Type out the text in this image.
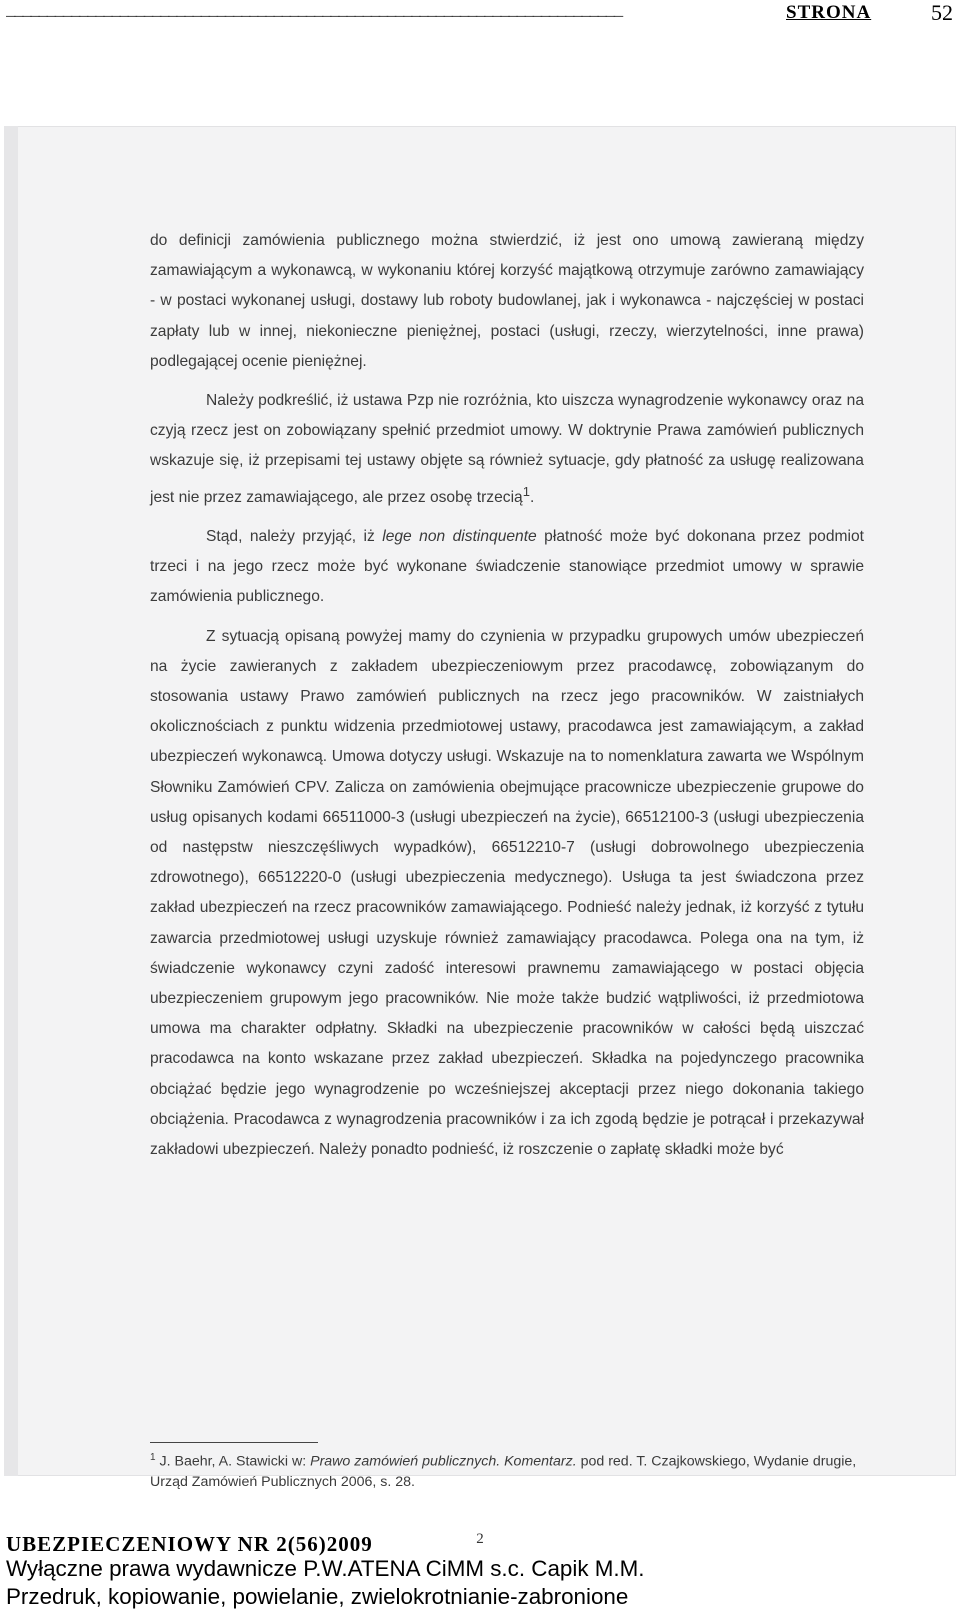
____________________________________________________________________________	STRONA	52

do definicji zamówienia publicznego można stwierdzić, iż jest ono umową zawieraną między zamawiającym a wykonawcą, w wykonaniu której korzyść majątkową otrzymuje zarówno zamawiający - w postaci wykonanej usługi, dostawy lub roboty budowlanej, jak i wykonawca - najczęściej w postaci zapłaty lub w innej, niekonieczne pieniężnej, postaci (usługi, rzeczy, wierzytelności, inne prawa) podlegającej ocenie pieniężnej.

Należy podkreślić, iż ustawa Pzp nie rozróżnia, kto uiszcza wynagrodzenie wykonawcy oraz na czyją rzecz jest on zobowiązany spełnić przedmiot umowy. W doktrynie Prawa zamówień publicznych wskazuje się, iż przepisami tej ustawy objęte są również sytuacje, gdy płatność za usługę realizowana jest nie przez zamawiającego, ale przez osobę trzecią$^1$.

Stąd, należy przyjąć, iż lege non distinquente płatność może być dokonana przez podmiot trzeci i na jego rzecz może być wykonane świadczenie stanowiące przedmiot umowy w sprawie zamówienia publicznego.

Z sytuacją opisaną powyżej mamy do czynienia w przypadku grupowych umów ubezpieczeń na życie zawieranych z zakładem ubezpieczeniowym przez pracodawcę, zobowiązanym do stosowania ustawy Prawo zamówień publicznych na rzecz jego pracowników. W zaistniałych okolicznościach z punktu widzenia przedmiotowej ustawy, pracodawca jest zamawiającym, a zakład ubezpieczeń wykonawcą. Umowa dotyczy usługi. Wskazuje na to nomenklatura zawarta we Wspólnym Słowniku Zamówień CPV. Zalicza on zamówienia obejmujące pracownicze ubezpieczenie grupowe do usług opisanych kodami 66511000-3 (usługi ubezpieczeń na życie), 66512100-3 (usługi ubezpieczenia od następstw nieszczęśliwych wypadków), 66512210-7 (usługi dobrowolnego ubezpieczenia zdrowotnego), 66512220-0 (usługi ubezpieczenia medycznego). Usługa ta jest świadczona przez zakład ubezpieczeń na rzecz pracowników zamawiającego. Podnieść należy jednak, iż korzyść z tytułu zawarcia przedmiotowej usługi uzyskuje również zamawiający pracodawca. Polega ona na tym, iż świadczenie wykonawcy czyni zadość interesowi prawnemu zamawiającego w postaci objęcia ubezpieczeniem grupowym jego pracowników. Nie może także budzić wątpliwości, iż przedmiotowa umowa ma charakter odpłatny. Składki na ubezpieczenie pracowników w całości będą uiszczać pracodawca na konto wskazane przez zakład ubezpieczeń. Składka na pojedynczego pracownika obciążać będzie jego wynagrodzenie po wcześniejszej akceptacji przez niego dokonania takiego obciążenia. Pracodawca z wynagrodzenia pracowników i za ich zgodą będzie je potrącał i przekazywał zakładowi ubezpieczeń. Należy ponadto podnieść, iż roszczenie o zapłatę składki może być

$^1$ J. Baehr, A. Stawicki w: Prawo zamówień publicznych. Komentarz. pod red. T. Czajkowskiego, Wydanie drugie, Urząd Zamówień Publicznych 2006, s. 28.
2
UBEZPIECZENIOWY NR 2(56)2009
Wyłączne prawa wydawnicze P.W.ATENA CiMM s.c. Capik M.M.
Przedruk, kopiowanie, powielanie, zwielokrotnianie-zabronione
